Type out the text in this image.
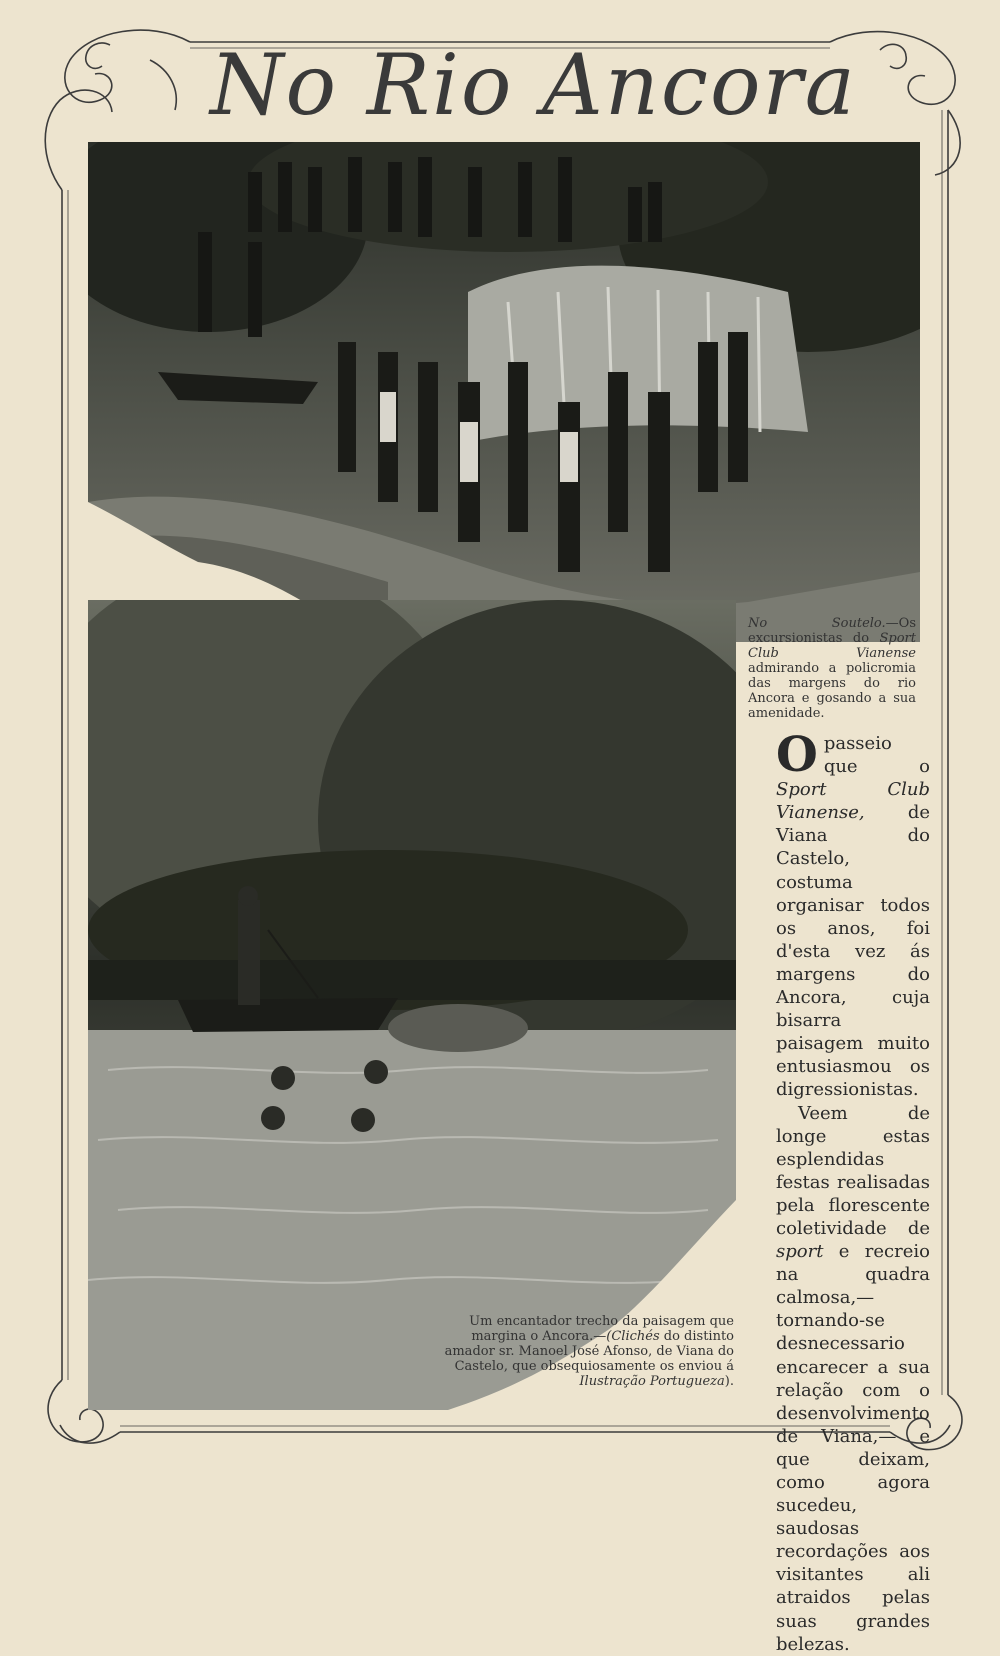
No Rio Ancora
No Soutelo.—Os excursionistas do Sport Club Vianense admirando a policromia das margens do rio Ancora e gosando a sua amenidade.

O passeio que o Sport Club Vianense, de Viana do Castelo, costuma organisar todos os anos, foi d'esta vez ás margens do Ancora, cuja bisarra paisagem muito entusiasmou os digressionistas.

Veem de longe estas esplendidas festas realisadas pela florescente coletividade de sport e recreio na quadra calmosa,—tornando-se desnecessario encarecer a sua relação com o desenvolvimento de Viana,— e que deixam, como agora sucedeu, saudosas recordações aos visitantes ali atraidos pelas suas grandes belezas.

Um encantador trecho da paisagem que margina o Ancora.—(Clichés do distinto amador sr. Manoel José Afonso, de Viana do Castelo, que obsequiosamente os enviou á Ilustração Portugueza).
